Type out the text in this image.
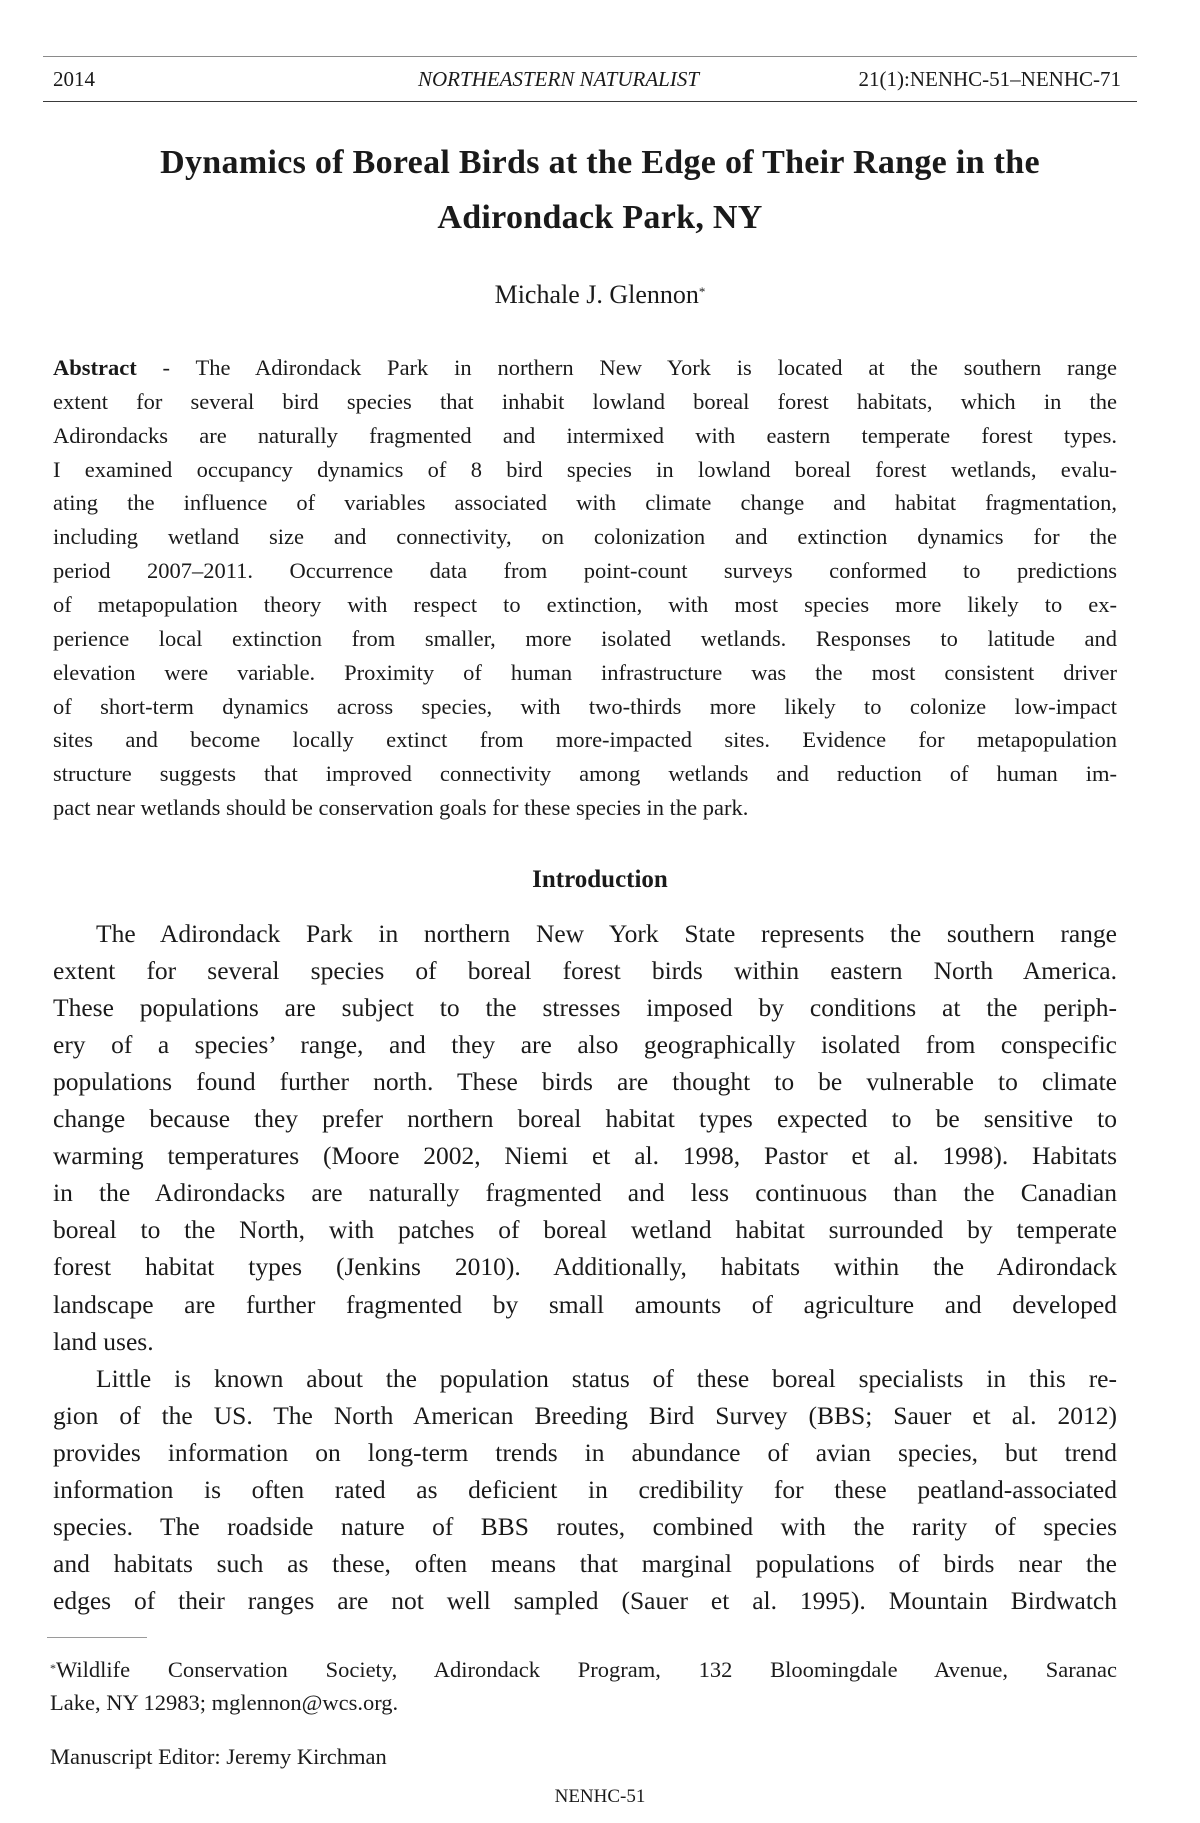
2014	NORTHEASTERN NATURALIST	21(1):NENHC-51–NENHC-71
Dynamics of Boreal Birds at the Edge of Their Range in the
Adirondack Park, NY
Michale J. Glennon*
Abstract - The Adirondack Park in northern New York is located at the southern range
extent for several bird species that inhabit lowland boreal forest habitats, which in the
Adirondacks are naturally fragmented and intermixed with eastern temperate forest types.
I examined occupancy dynamics of 8 bird species in lowland boreal forest wetlands, evalu-
ating the influence of variables associated with climate change and habitat fragmentation,
including wetland size and connectivity, on colonization and extinction dynamics for the
period 2007–2011. Occurrence data from point-count surveys conformed to predictions
of metapopulation theory with respect to extinction, with most species more likely to ex-
perience local extinction from smaller, more isolated wetlands. Responses to latitude and
elevation were variable. Proximity of human infrastructure was the most consistent driver
of short-term dynamics across species, with two-thirds more likely to colonize low-impact
sites and become locally extinct from more-impacted sites. Evidence for metapopulation
structure suggests that improved connectivity among wetlands and reduction of human im-
pact near wetlands should be conservation goals for these species in the park.
Introduction
The Adirondack Park in northern New York State represents the southern range
extent for several species of boreal forest birds within eastern North America.
These populations are subject to the stresses imposed by conditions at the periph-
ery of a species’ range, and they are also geographically isolated from conspecific
populations found further north. These birds are thought to be vulnerable to climate
change because they prefer northern boreal habitat types expected to be sensitive to
warming temperatures (Moore 2002, Niemi et al. 1998, Pastor et al. 1998). Habitats
in the Adirondacks are naturally fragmented and less continuous than the Canadian
boreal to the North, with patches of boreal wetland habitat surrounded by temperate
forest habitat types (Jenkins 2010). Additionally, habitats within the Adirondack
landscape are further fragmented by small amounts of agriculture and developed
land uses.
Little is known about the population status of these boreal specialists in this re-
gion of the US. The North American Breeding Bird Survey (BBS; Sauer et al. 2012)
provides information on long-term trends in abundance of avian species, but trend
information is often rated as deficient in credibility for these peatland-associated
species. The roadside nature of BBS routes, combined with the rarity of species
and habitats such as these, often means that marginal populations of birds near the
edges of their ranges are not well sampled (Sauer et al. 1995). Mountain Birdwatch
*Wildlife Conservation Society, Adirondack Program, 132 Bloomingdale Avenue, Saranac
Lake, NY 12983; mglennon@wcs.org.
Manuscript Editor: Jeremy Kirchman
NENHC-51
